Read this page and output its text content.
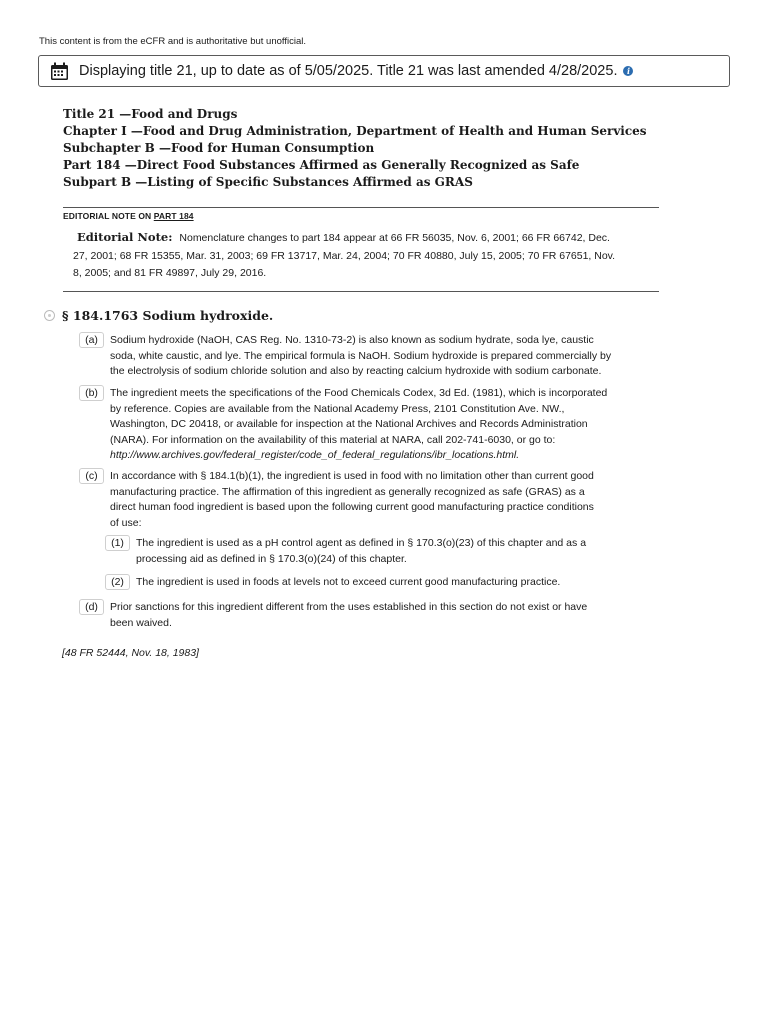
This content is from the eCFR and is authoritative but unofficial.
Displaying title 21, up to date as of 5/05/2025. Title 21 was last amended 4/28/2025.	i
Title 21 —Food and Drugs
Chapter I —Food and Drug Administration, Department of Health and Human Services
Subchapter B —Food for Human Consumption
Part 184 —Direct Food Substances Affirmed as Generally Recognized as Safe
Subpart B —Listing of Specific Substances Affirmed as GRAS
EDITORIAL NOTE ON PART 184
Editorial Note: Nomenclature changes to part 184 appear at 66 FR 56035, Nov. 6, 2001; 66 FR 66742, Dec.
27, 2001; 68 FR 15355, Mar. 31, 2003; 69 FR 13717, Mar. 24, 2004; 70 FR 40880, July 15, 2005; 70 FR 67651, Nov.
8, 2005; and 81 FR 49897, July 29, 2016.
§ 184.1763 Sodium hydroxide.
(a)	Sodium hydroxide (NaOH, CAS Reg. No. 1310-73-2) is also known as sodium hydrate, soda lye, caustic
soda, white caustic, and lye. The empirical formula is NaOH. Sodium hydroxide is prepared commercially by
the electrolysis of sodium chloride solution and also by reacting calcium hydroxide with sodium carbonate.
(b)	The ingredient meets the specifications of the Food Chemicals Codex, 3d Ed. (1981), which is incorporated
by reference. Copies are available from the National Academy Press, 2101 Constitution Ave. NW.,
Washington, DC 20418, or available for inspection at the National Archives and Records Administration
(NARA). For information on the availability of this material at NARA, call 202-741-6030, or go to:
http://www.archives.gov/federal_register/code_of_federal_regulations/ibr_locations.html.
(c)	In accordance with § 184.1(b)(1), the ingredient is used in food with no limitation other than current good
manufacturing practice. The affirmation of this ingredient as generally recognized as safe (GRAS) as a
direct human food ingredient is based upon the following current good manufacturing practice conditions
of use:
(1)	The ingredient is used as a pH control agent as defined in § 170.3(o)(23) of this chapter and as a
processing aid as defined in § 170.3(o)(24) of this chapter.
(2)	The ingredient is used in foods at levels not to exceed current good manufacturing practice.
(d)	Prior sanctions for this ingredient different from the uses established in this section do not exist or have
been waived.
[48 FR 52444, Nov. 18, 1983]
